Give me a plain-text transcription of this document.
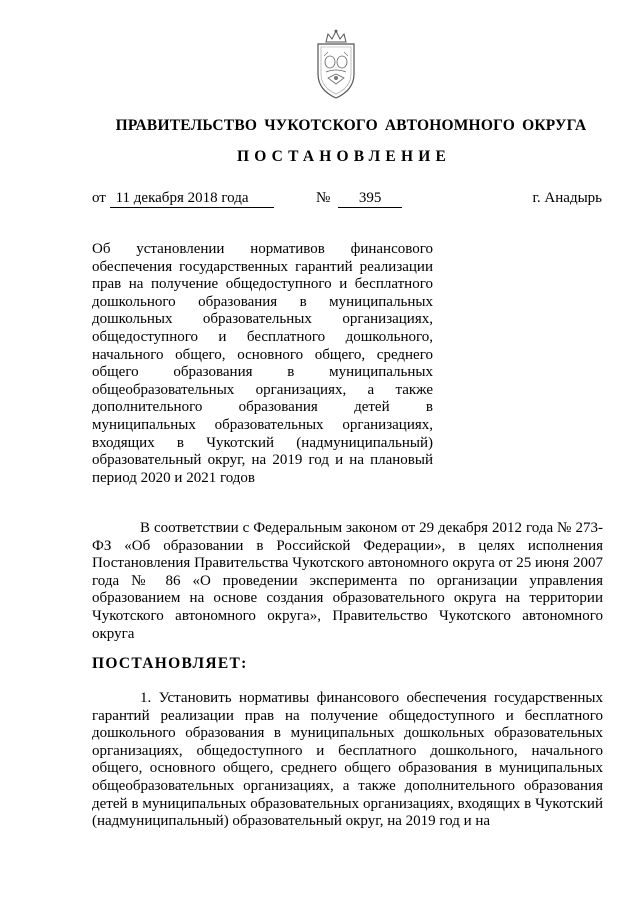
ПРАВИТЕЛЬСТВО ЧУКОТСКОГО АВТОНОМНОГО ОКРУГА
ПОСТАНОВЛЕНИЕ
от 11 декабря 2018 года	№ 395	г. Анадырь
Об установлении нормативов финансового обеспечения государственных гарантий реализации прав на получение общедоступного и бесплатного дошкольного образования в муниципальных дошкольных образовательных организациях, общедоступного и бесплатного дошкольного, начального общего, основного общего, среднего общего образования в муниципальных общеобразовательных организациях, а также дополнительного образования детей в муниципальных образовательных организациях, входящих в Чукотский (надмуниципальный) образовательный округ, на 2019 год и на плановый период 2020 и 2021 годов
В соответствии с Федеральным законом от 29 декабря 2012 года № 273-ФЗ «Об образовании в Российской Федерации», в целях исполнения Постановления Правительства Чукотского автономного округа от 25 июня 2007 года № 86 «О проведении эксперимента по организации управления образованием на основе создания образовательного округа на территории Чукотского автономного округа», Правительство Чукотского автономного округа
ПОСТАНОВЛЯЕТ:
1. Установить нормативы финансового обеспечения государственных гарантий реализации прав на получение общедоступного и бесплатного дошкольного образования в муниципальных дошкольных образовательных организациях, общедоступного и бесплатного дошкольного, начального общего, основного общего, среднего общего образования в муниципальных общеобразовательных организациях, а также дополнительного образования детей в муниципальных образовательных организациях, входящих в Чукотский (надмуниципальный) образовательный округ, на 2019 год и на
